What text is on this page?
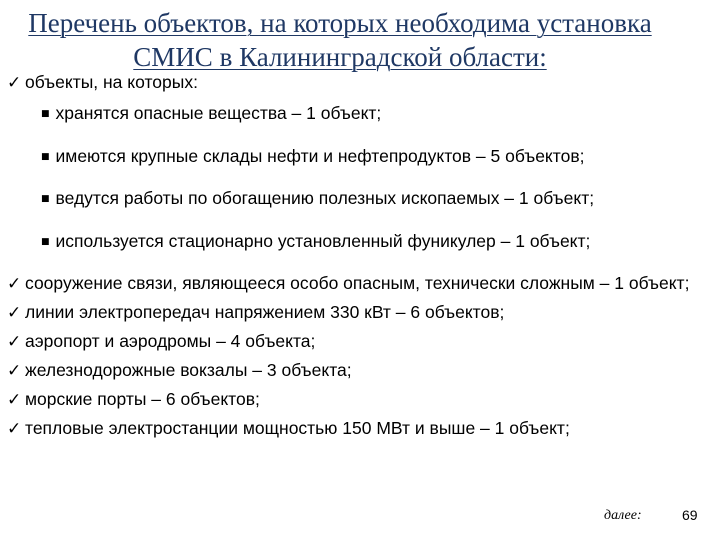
Перечень объектов, на которых необходима установка СМИС в Калининградской области:

✓ объекты, на которых:

■ хранятся опасные вещества – 1 объект;

■ имеются крупные склады нефти и нефтепродуктов – 5 объектов;

■ ведутся работы по обогащению полезных ископаемых – 1 объект;

■ используется стационарно установленный фуникулер – 1 объект;

✓ сооружение связи, являющееся особо опасным, технически сложным – 1 объект;

✓ линии электропередач напряжением 330 кВт – 6 объектов;

✓ аэропорт и аэродромы – 4 объекта;

✓ железнодорожные вокзалы – 3 объекта;

✓ морские порты – 6 объектов;

✓ тепловые электростанции мощностью 150 МВт и выше – 1 объект;

далее:	69
